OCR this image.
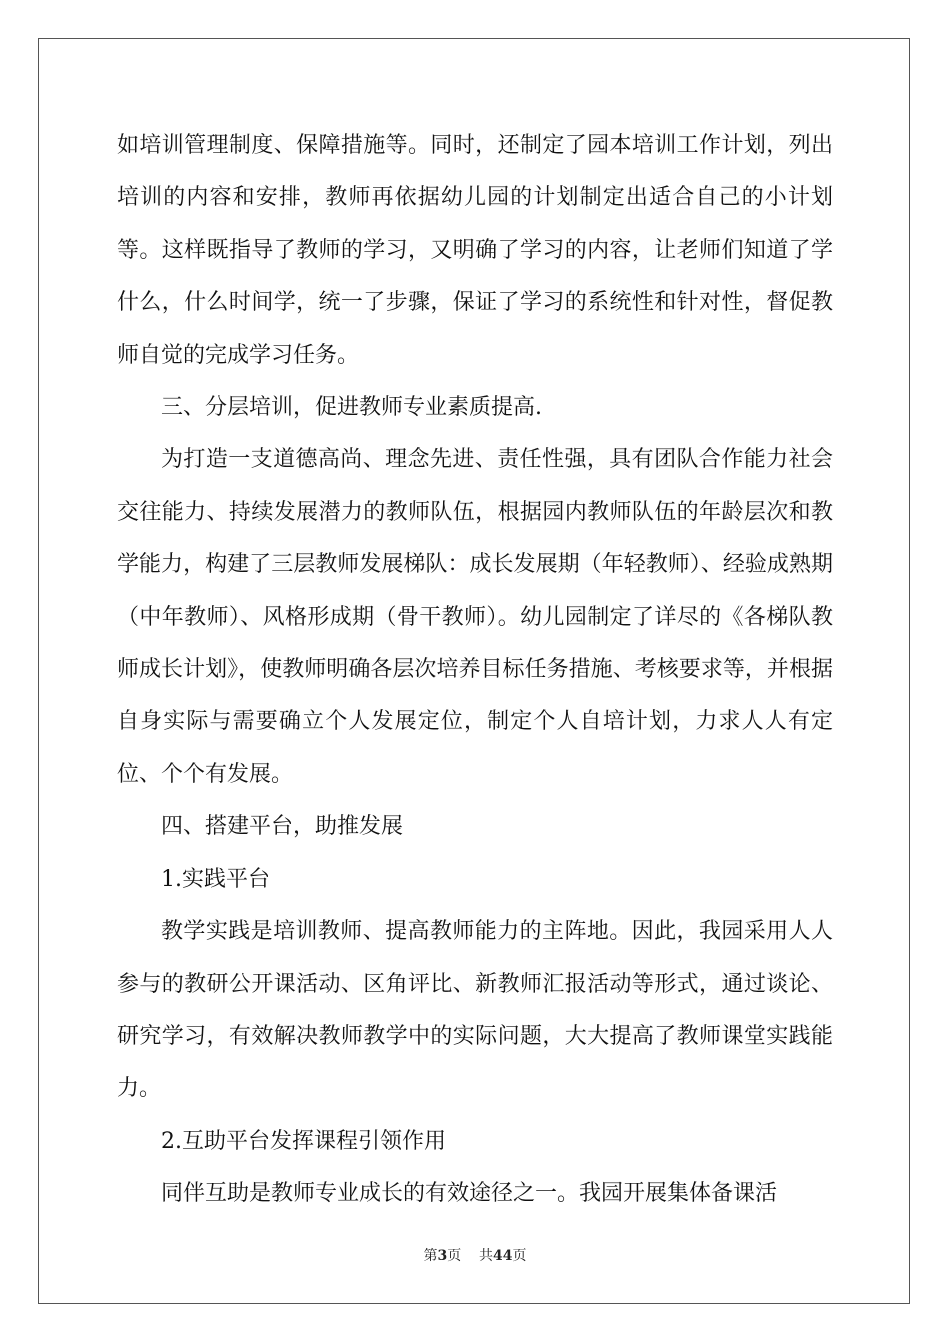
如培训管理制度、保障措施等。同时，还制定了园本培训工作计划，列出培训的内容和安排，教师再依据幼儿园的计划制定出适合自己的小计划等。这样既指导了教师的学习，又明确了学习的内容，让老师们知道了学什么，什么时间学，统一了步骤，保证了学习的系统性和针对性，督促教师自觉的完成学习任务。

三、分层培训，促进教师专业素质提高.

为打造一支道德高尚、理念先进、责任性强，具有团队合作能力社会交往能力、持续发展潜力的教师队伍，根据园内教师队伍的年龄层次和教学能力，构建了三层教师发展梯队：成长发展期（年轻教师）、经验成熟期（中年教师）、风格形成期（骨干教师）。幼儿园制定了详尽的《各梯队教师成长计划》，使教师明确各层次培养目标任务措施、考核要求等，并根据自身实际与需要确立个人发展定位，制定个人自培计划，力求人人有定位、个个有发展。

四、搭建平台，助推发展

1.实践平台

教学实践是培训教师、提高教师能力的主阵地。因此，我园采用人人参与的教研公开课活动、区角评比、新教师汇报活动等形式，通过谈论、研究学习，有效解决教师教学中的实际问题，大大提高了教师课堂实践能力。

2.互助平台发挥课程引领作用

同伴互助是教师专业成长的有效途径之一。我园开展集体备课活

第3页 共44页
